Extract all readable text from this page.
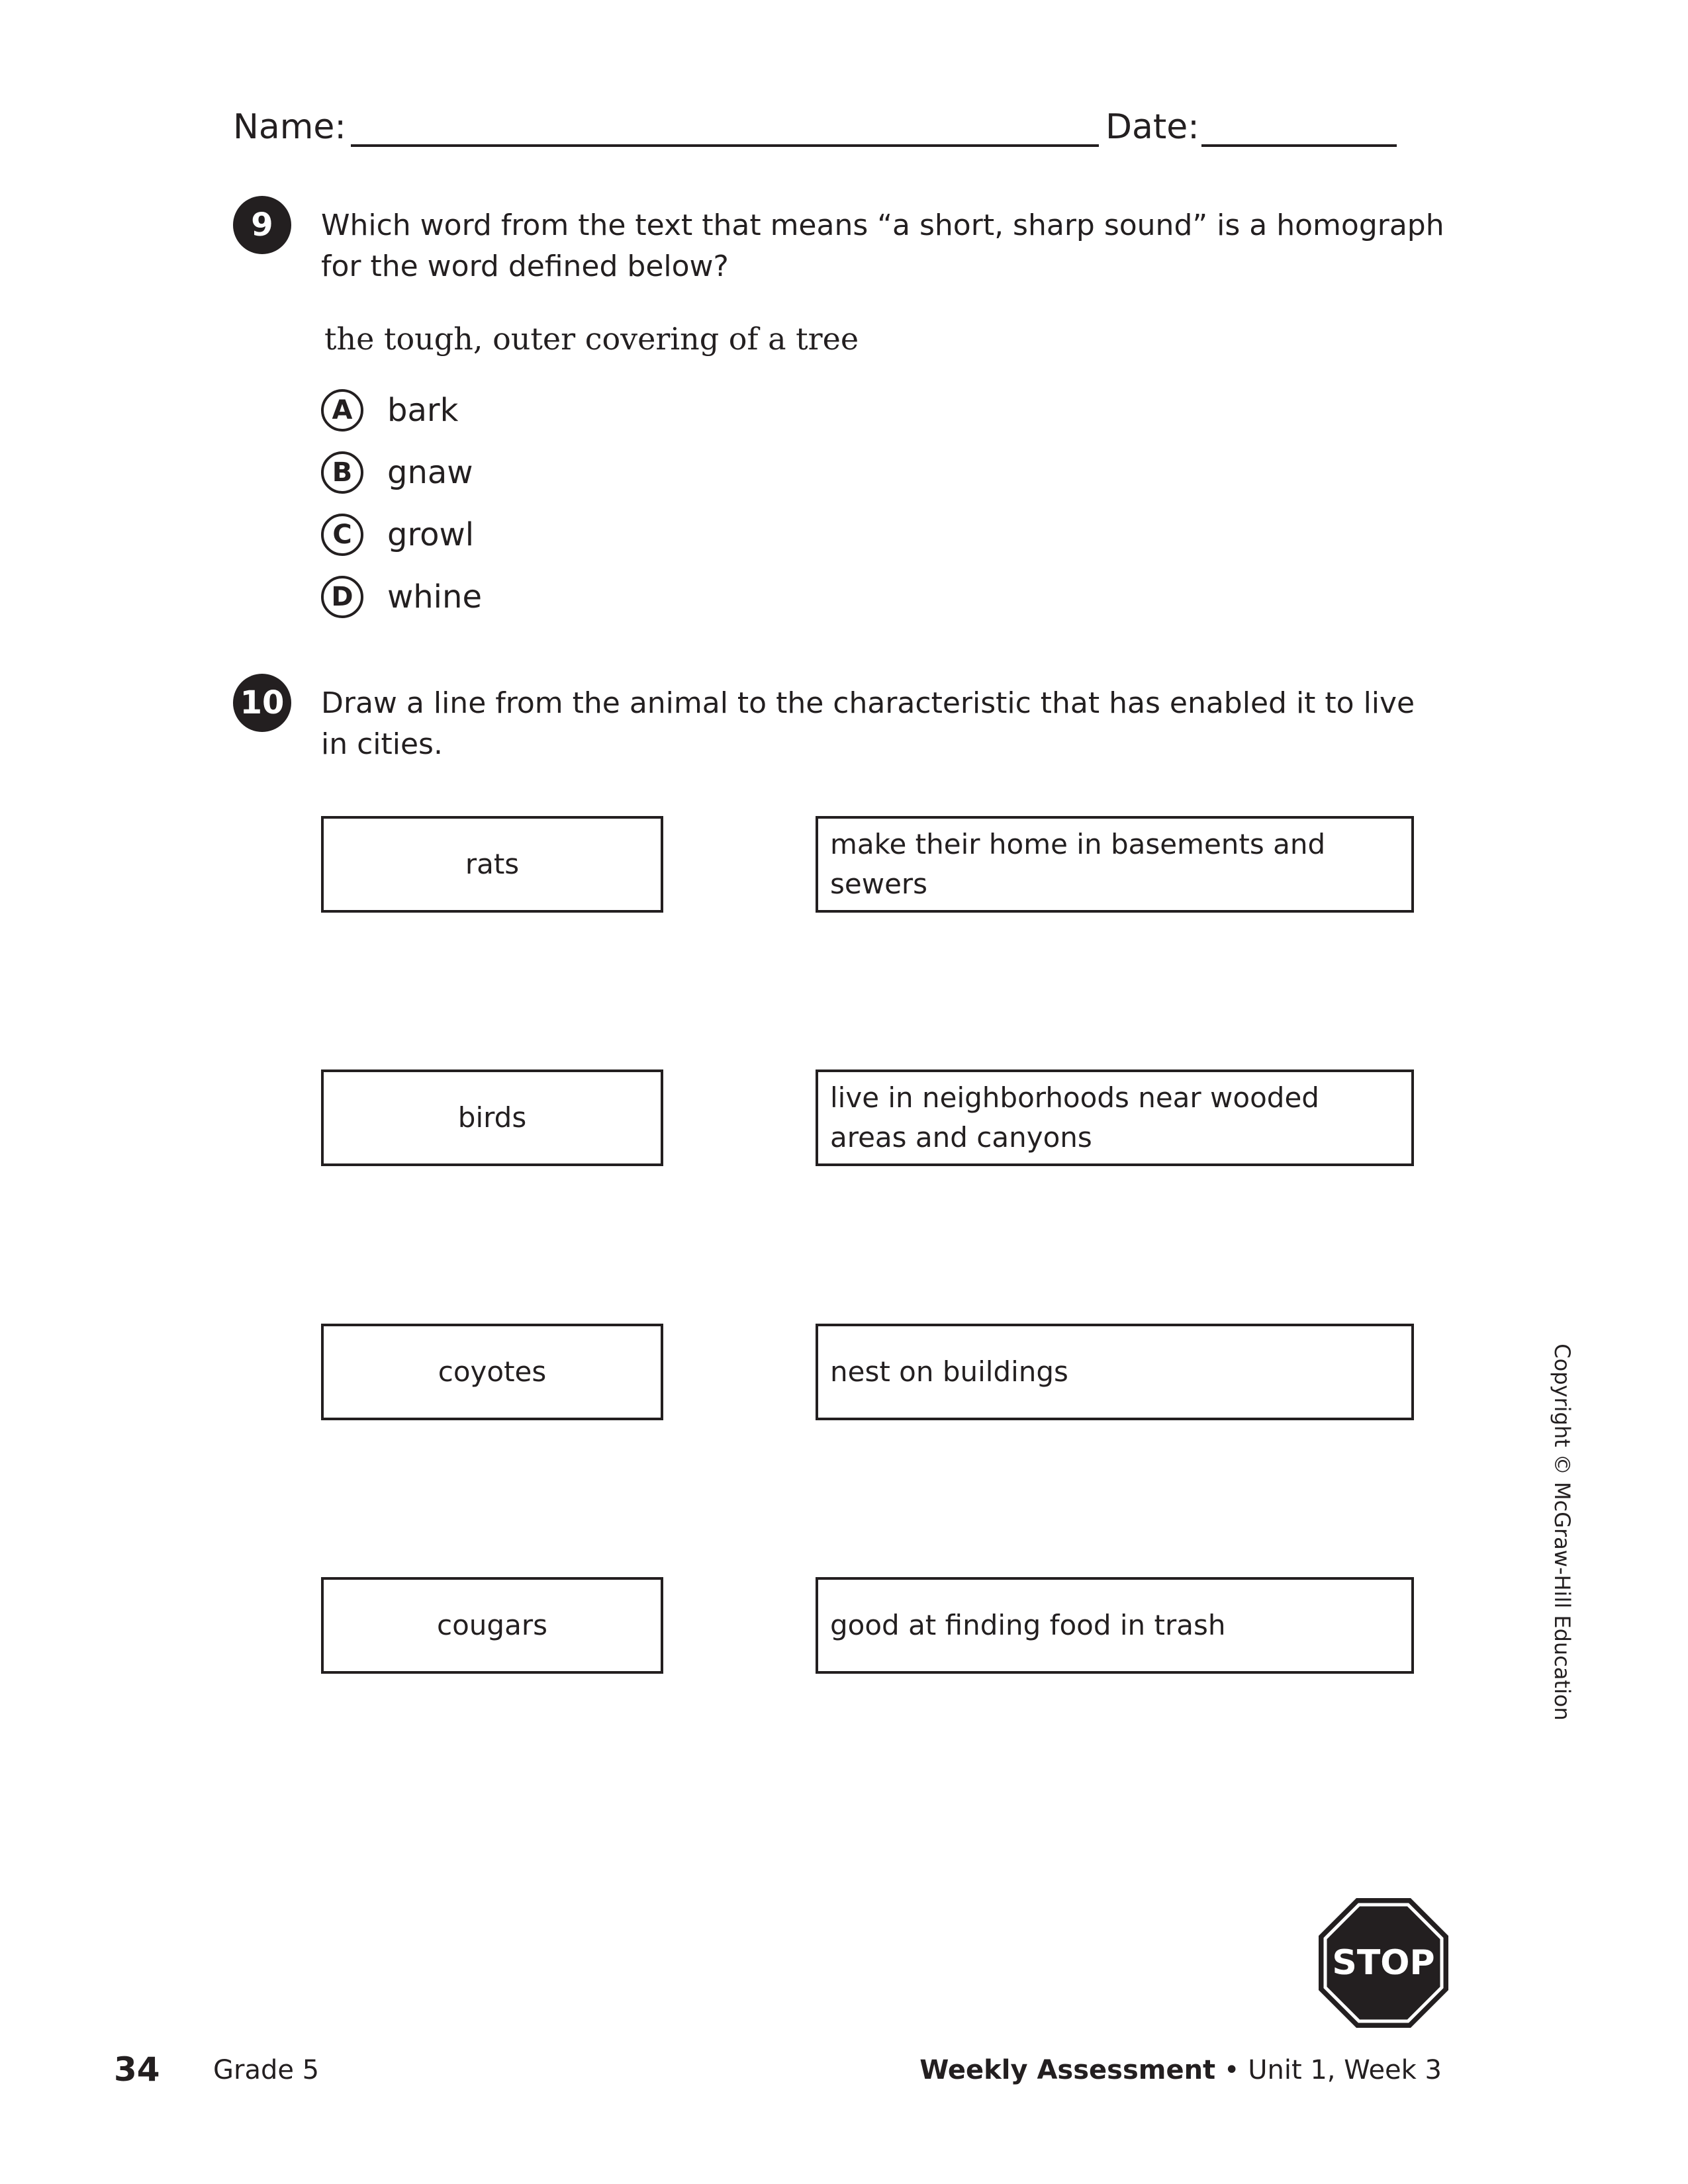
Name:	Date:
9	Which word from the text that means “a short, sharp sound” is a homograph for the word defined below?
the tough, outer covering of a tree
A	bark
B	gnaw
C	growl
D	whine
10 Draw a line from the animal to the characteristic that has enabled it to live in cities.
rats
make their home in basements and sewers
birds
live in neighborhoods near wooded areas and canyons
coyotes	nest on buildings
cougars	good at finding food in trash	Copyright © McGraw-Hill Education
STOP
34 Grade 5	Weekly Assessment • Unit 1, Week 3
